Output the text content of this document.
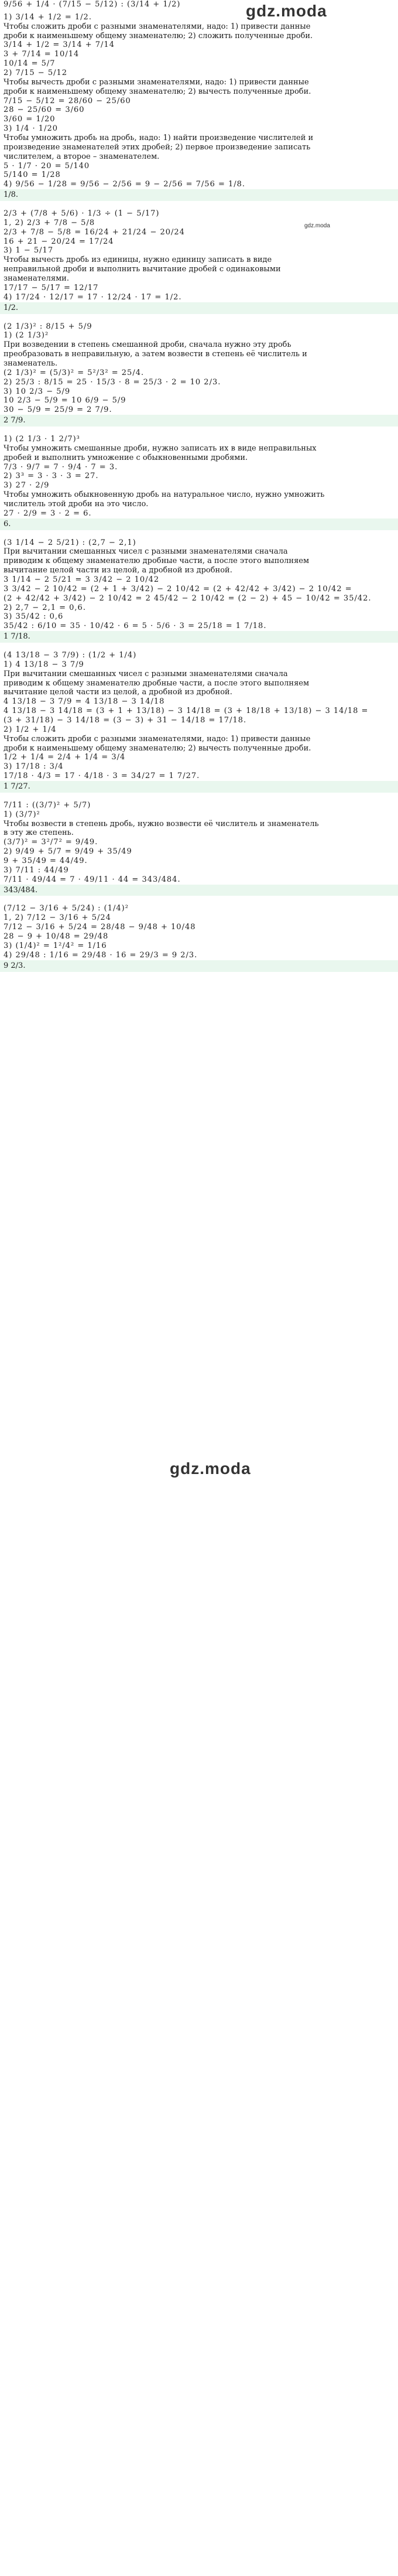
gdz.moda
gdz.moda
gdz.moda

9/56 + 1/4 · (7/15 − 5/12) : (3/14 + 1/2)

1) 3/14 + 1/2 = 1/2.

Чтобы сложить дроби с разными знаменателями, надо: 1) привести данные

дроби к наименьшему общему знаменателю; 2) сложить полученные дроби.

3/14 + 1/2 = 3/14 + 7/14

3 + 7/14 = 10/14

10/14 = 5/7

2) 7/15 − 5/12

Чтобы вычесть дроби с разными знаменателями, надо: 1) привести данные

дроби к наименьшему общему знаменателю; 2) вычесть полученные дроби.

7/15 − 5/12 = 28/60 − 25/60

28 − 25/60 = 3/60

3/60 = 1/20

3) 1/4 · 1/20

Чтобы умножить дробь на дробь, надо: 1) найти произведение числителей и

произведение знаменателей этих дробей; 2) первое произведение записать

числителем, а второе – знаменателем.

5 · 1/7 · 20 = 5/140

5/140 = 1/28

4) 9/56 − 1/28 = 9/56 − 2/56 = 9 − 2/56 = 7/56 = 1/8.

1/8.

2/3 + (7/8 + 5/6) · 1/3 ÷ (1 − 5/17)

1, 2) 2/3 + 7/8 − 5/8

2/3 + 7/8 − 5/8 = 16/24 + 21/24 − 20/24

16 + 21 − 20/24 = 17/24

3) 1 − 5/17

Чтобы вычесть дробь из единицы, нужно единицу записать в виде

неправильной дроби и выполнить вычитание дробей с одинаковыми

знаменателями.

17/17 − 5/17 = 12/17

4) 17/24 · 12/17 = 17 · 12/24 · 17 = 1/2.

1/2.

(2 1/3)² : 8/15 + 5/9

1) (2 1/3)²

При возведении в степень смешанной дроби, сначала нужно эту дробь

преобразовать в неправильную, а затем возвести в степень её числитель и

знаменатель.

(2 1/3)² = (5/3)² = 5²/3² = 25/4.

2) 25/3 : 8/15 = 25 · 15/3 · 8 = 25/3 · 2 = 10 2/3.

3) 10 2/3 − 5/9

10 2/3 − 5/9 = 10 6/9 − 5/9

30 − 5/9 = 25/9 = 2 7/9.

2 7/9.

1) (2 1/3 · 1 2/7)³

Чтобы умножить смешанные дроби, нужно записать их в виде неправильных

дробей и выполнить умножение с обыкновенными дробями.

7/3 · 9/7 = 7 · 9/4 · 7 = 3.

2) 3³ = 3 · 3 · 3 = 27.

3) 27 · 2/9

Чтобы умножить обыкновенную дробь на натуральное число, нужно умножить

числитель этой дроби на это число.

27 · 2/9 = 3 · 2 = 6.

6.

(3 1/14 − 2 5/21) : (2,7 − 2,1)

При вычитании смешанных чисел с разными знаменателями сначала

приводим к общему знаменателю дробные части, а после этого выполняем

вычитание целой части из целой, а дробной из дробной.

3 1/14 − 2 5/21 = 3 3/42 − 2 10/42

3 3/42 − 2 10/42 = (2 + 1 + 3/42) − 2 10/42 = (2 + 42/42 + 3/42) − 2 10/42 =

(2 + 42/42 + 3/42) − 2 10/42 = 2 45/42 − 2 10/42 = (2 − 2) + 45 − 10/42 = 35/42.

2) 2,7 − 2,1 = 0,6.

3) 35/42 : 0,6

35/42 : 6/10 = 35 · 10/42 · 6 = 5 · 5/6 · 3 = 25/18 = 1 7/18.

1 7/18.

(4 13/18 − 3 7/9) : (1/2 + 1/4)

1) 4 13/18 − 3 7/9

При вычитании смешанных чисел с разными знаменателями сначала

приводим к общему знаменателю дробные части, а после этого выполняем

вычитание целой части из целой, а дробной из дробной.

4 13/18 − 3 7/9 = 4 13/18 − 3 14/18

4 13/18 − 3 14/18 = (3 + 1 + 13/18) − 3 14/18 = (3 + 18/18 + 13/18) − 3 14/18 =

(3 + 31/18) − 3 14/18 = (3 − 3) + 31 − 14/18 = 17/18.

2) 1/2 + 1/4

Чтобы сложить дроби с разными знаменателями, надо: 1) привести данные

дроби к наименьшему общему знаменателю; 2) вычесть полученные дроби.

1/2 + 1/4 = 2/4 + 1/4 = 3/4

3) 17/18 : 3/4

17/18 · 4/3 = 17 · 4/18 · 3 = 34/27 = 1 7/27.

1 7/27.

7/11 : ((3/7)² + 5/7)

1) (3/7)²

Чтобы возвести в степень дробь, нужно возвести её числитель и знаменатель

в эту же степень.

(3/7)² = 3²/7² = 9/49.

2) 9/49 + 5/7 = 9/49 + 35/49

9 + 35/49 = 44/49.

3) 7/11 : 44/49

7/11 · 49/44 = 7 · 49/11 · 44 = 343/484.

343/484.

(7/12 − 3/16 + 5/24) : (1/4)²

1, 2) 7/12 − 3/16 + 5/24

7/12 − 3/16 + 5/24 = 28/48 − 9/48 + 10/48

28 − 9 + 10/48 = 29/48

3) (1/4)² = 1²/4² = 1/16

4) 29/48 : 1/16 = 29/48 · 16 = 29/3 = 9 2/3.

9 2/3.
